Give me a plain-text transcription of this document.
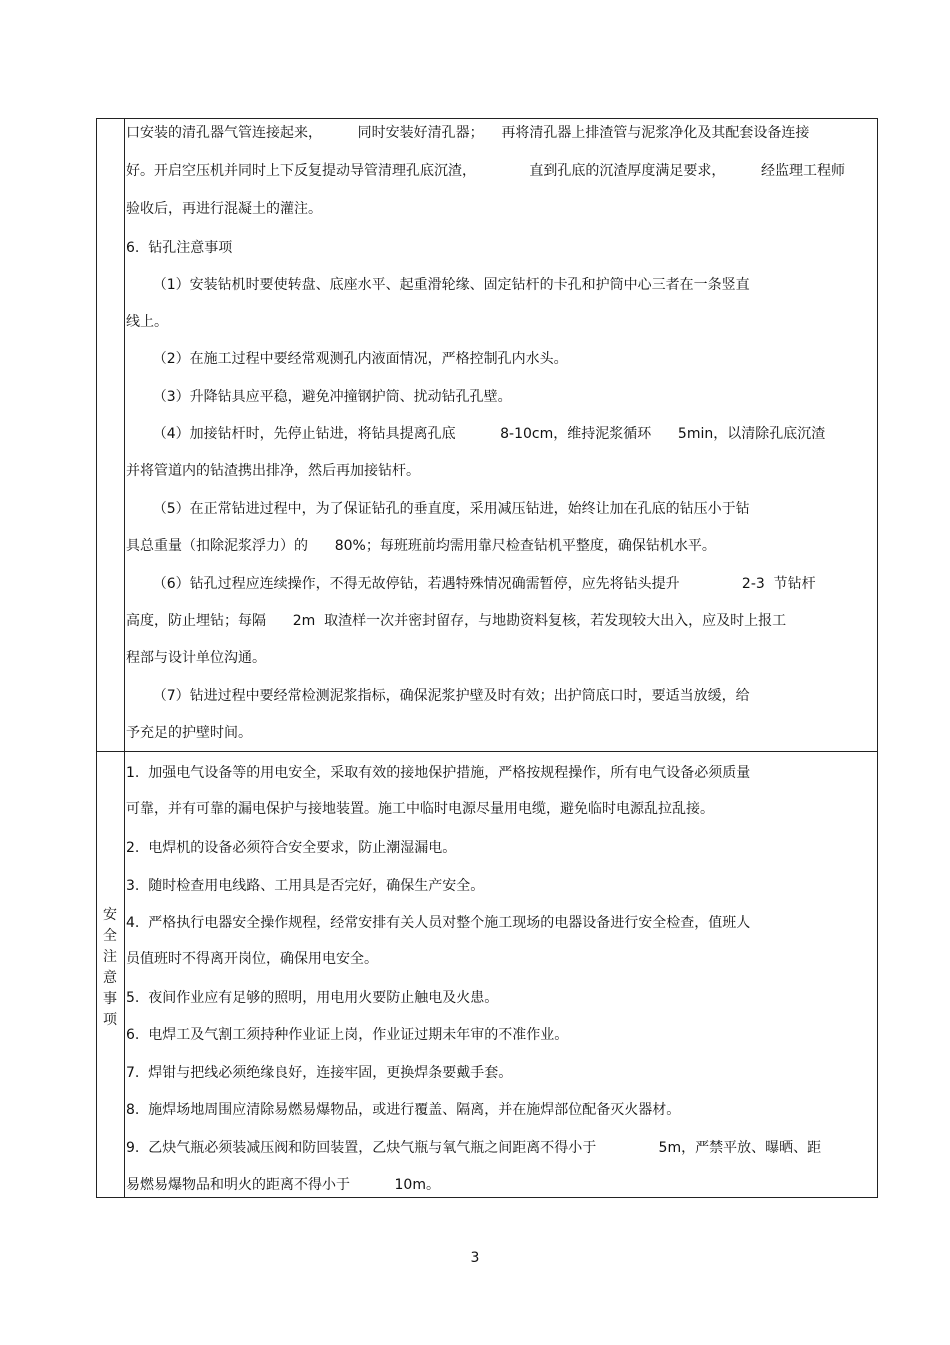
口安装的清孔器气管连接起来，        同时安装好清孔器；    再将清孔器上排渣管与泥浆净化及其配套设备连接
好。开启空压机并同时上下反复提动导管清理孔底沉渣，            直到孔底的沉渣厚度满足要求，        经监理工程师
验收后，再进行混凝土的灌注。
6.  钻孔注意事项
（1）安装钻机时要使转盘、底座水平、起重滑轮缘、固定钻杆的卡孔和护筒中心三者在一条竖直
线上。
（2）在施工过程中要经常观测孔内液面情况，严格控制孔内水头。
（3）升降钻具应平稳，避免冲撞钢护筒、扰动钻孔孔壁。
（4）加接钻杆时，先停止钻进，将钻具提离孔底          8-10cm，维持泥浆循环      5min，以清除孔底沉渣
并将管道内的钻渣携出排净，然后再加接钻杆。
（5）在正常钻进过程中，为了保证钻孔的垂直度，采用减压钻进，始终让加在孔底的钻压小于钻
具总重量（扣除泥浆浮力）的      80%；每班班前均需用靠尺检查钻机平整度，确保钻机水平。
（6）钻孔过程应连续操作，不得无故停钻，若遇特殊情况确需暂停，应先将钻头提升              2-3  节钻杆
高度，防止埋钻；每隔      2m  取渣样一次并密封留存，与地勘资料复核，若发现较大出入，应及时上报工
程部与设计单位沟通。
（7）钻进过程中要经常检测泥浆指标，确保泥浆护壁及时有效；出护筒底口时，要适当放缓，给
予充足的护壁时间。
安
全
注
意
事
项
1.  加强电气设备等的用电安全，采取有效的接地保护措施，严格按规程操作，所有电气设备必须质量
可靠，并有可靠的漏电保护与接地装置。施工中临时电源尽量用电缆，避免临时电源乱拉乱接。
2.  电焊机的设备必须符合安全要求，防止潮湿漏电。
3.  随时检查用电线路、工用具是否完好，确保生产安全。
4.  严格执行电器安全操作规程，经常安排有关人员对整个施工现场的电器设备进行安全检查，值班人
员值班时不得离开岗位，确保用电安全。
5.  夜间作业应有足够的照明，用电用火要防止触电及火患。
6.  电焊工及气割工须持种作业证上岗，作业证过期未年审的不准作业。
7.  焊钳与把线必须绝缘良好，连接牢固，更换焊条要戴手套。
8.  施焊场地周围应清除易燃易爆物品，或进行覆盖、隔离，并在施焊部位配备灭火器材。
9.  乙炔气瓶必须装减压阀和防回装置，乙炔气瓶与氧气瓶之间距离不得小于              5m，严禁平放、曝晒、距
易燃易爆物品和明火的距离不得小于          10m。
3
